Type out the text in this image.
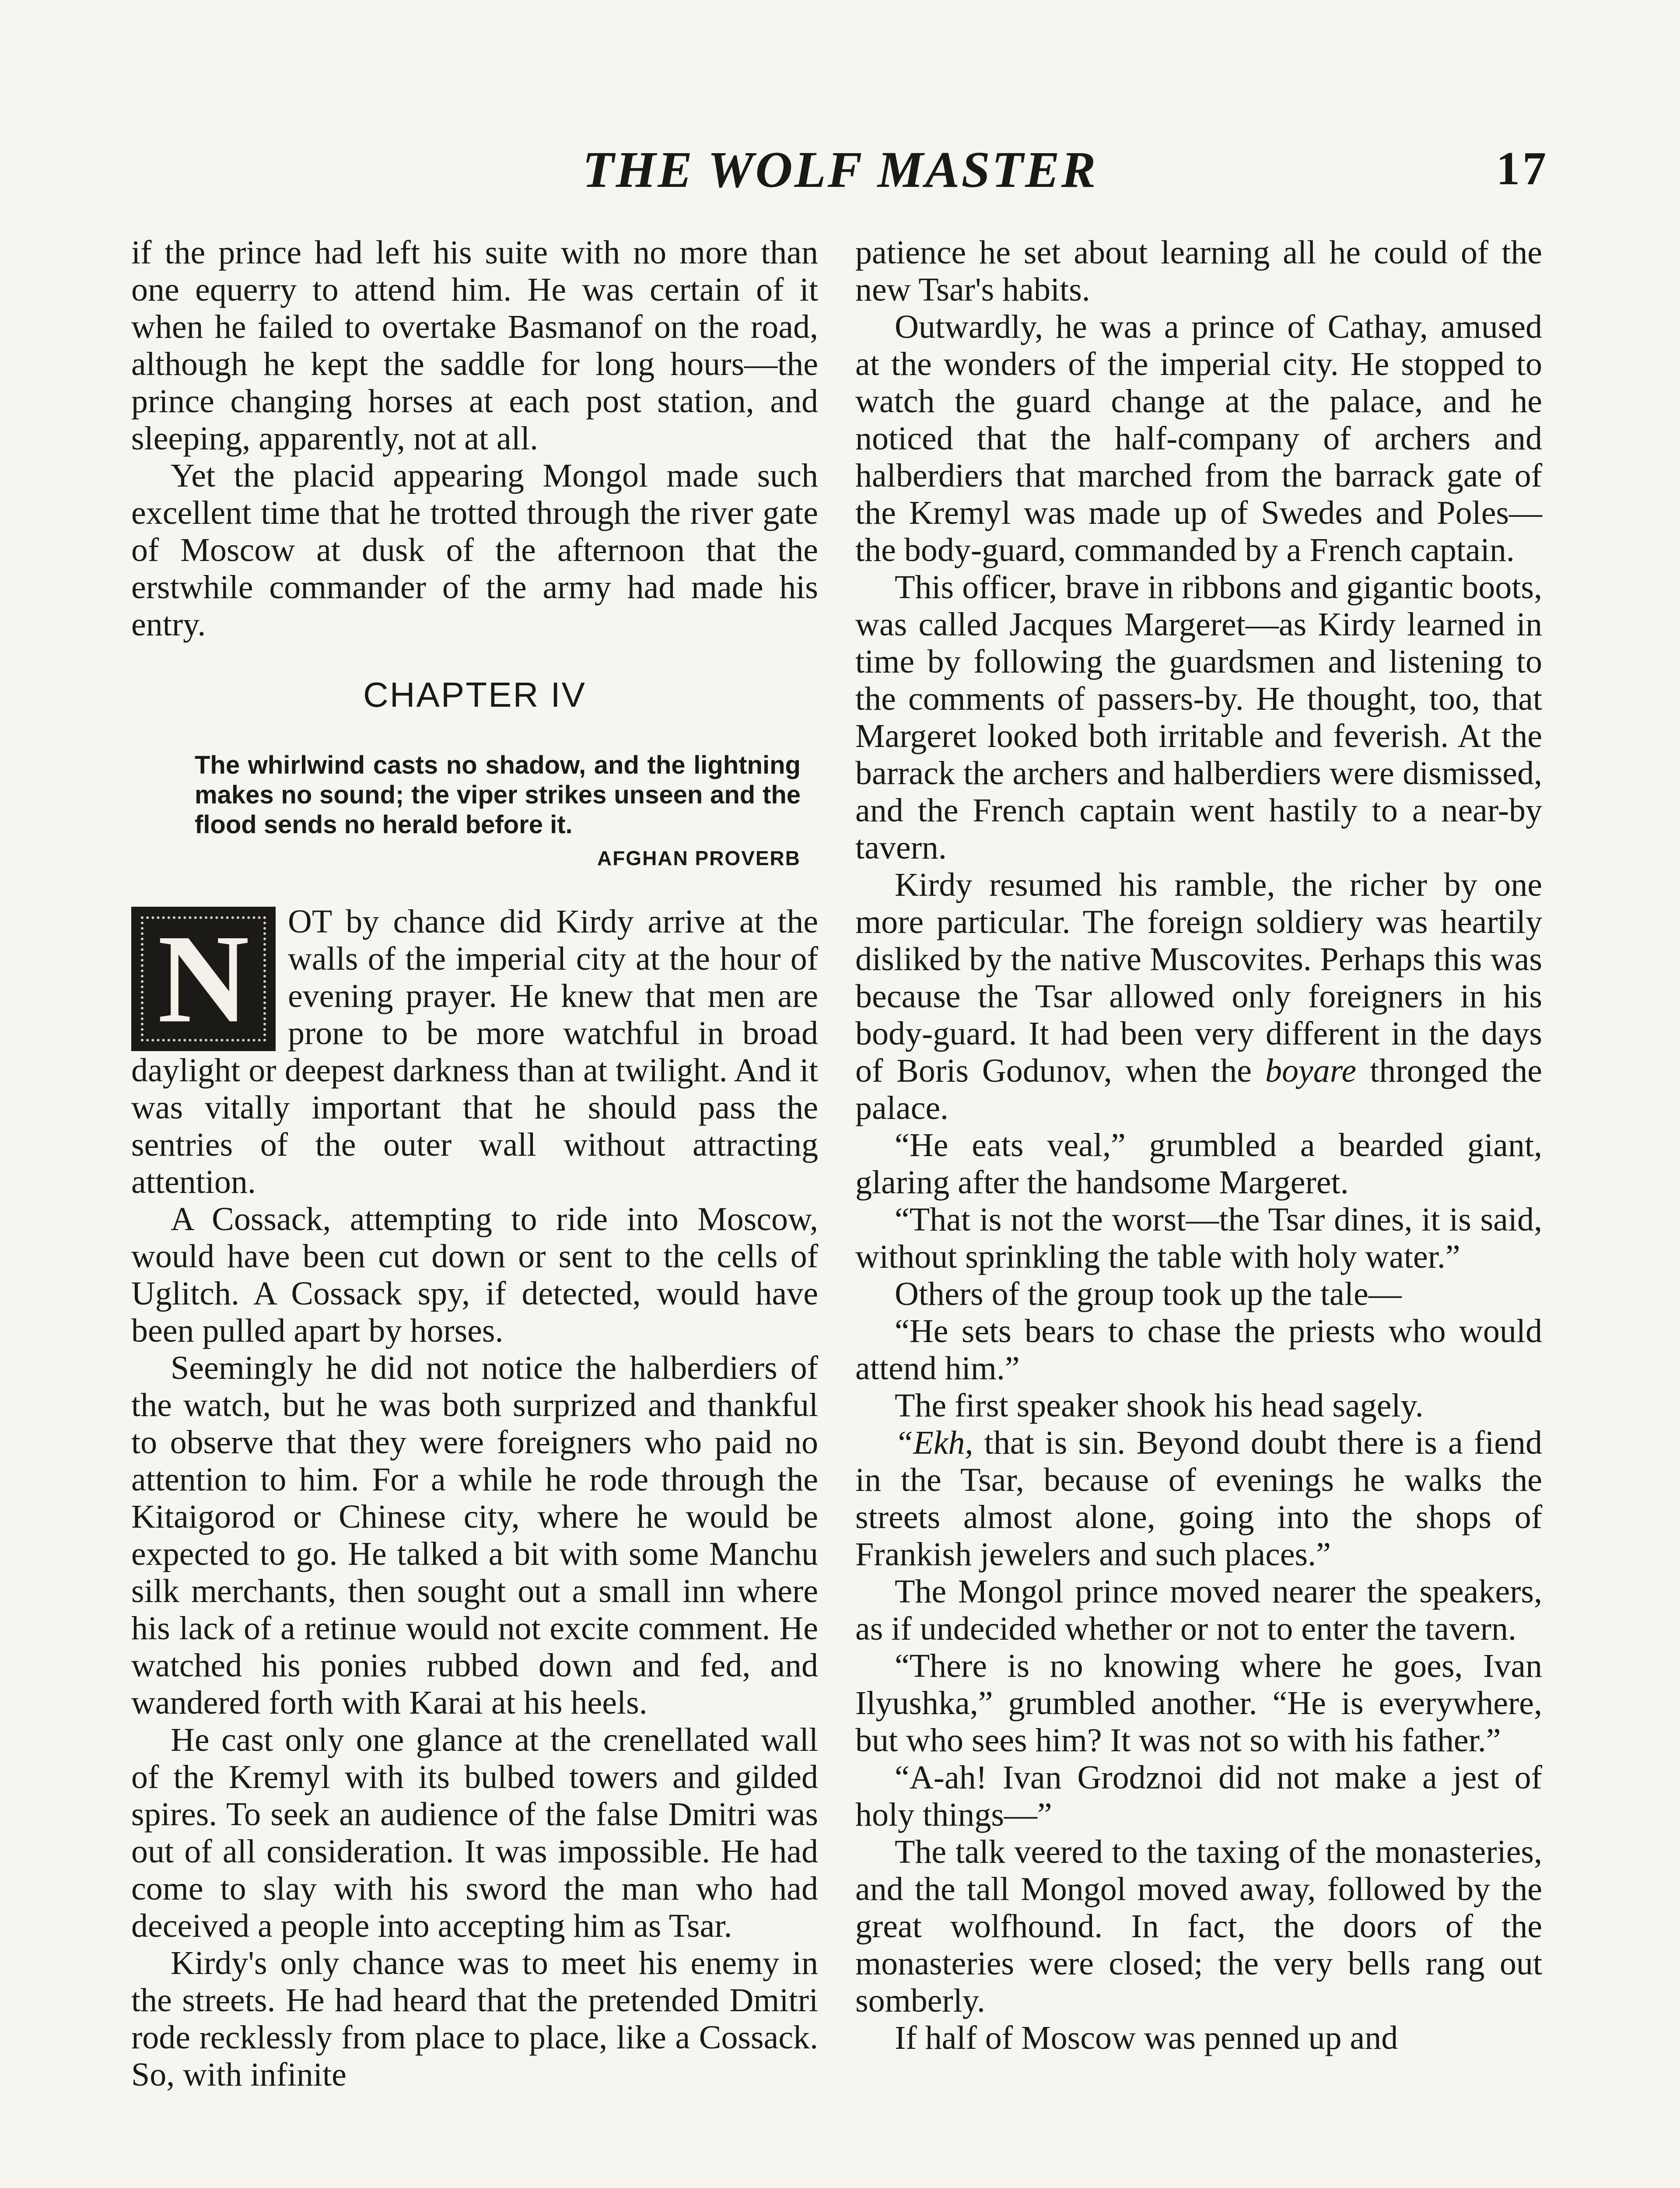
THE WOLF MASTER	17

if the prince had left his suite with no more than one equerry to attend him. He was certain of it when he failed to overtake Basmanof on the road, although he kept the saddle for long hours—the prince changing horses at each post station, and sleeping, apparently, not at all.

Yet the placid appearing Mongol made such excellent time that he trotted through the river gate of Moscow at dusk of the afternoon that the erstwhile commander of the army had made his entry.

CHAPTER IV
The whirlwind casts no shadow, and the lightning makes no sound; the viper strikes unseen and the flood sends no herald before it.
AFGHAN PROVERB

N OT by chance did Kirdy arrive at the walls of the imperial city at the hour of evening prayer. He knew that men are prone to be more watchful in broad daylight or deepest darkness than at twilight. And it was vitally important that he should pass the sentries of the outer wall without attracting attention.

A Cossack, attempting to ride into Moscow, would have been cut down or sent to the cells of Uglitch. A Cossack spy, if detected, would have been pulled apart by horses.

Seemingly he did not notice the halberdiers of the watch, but he was both surprized and thankful to observe that they were foreigners who paid no attention to him. For a while he rode through the Kitaigorod or Chinese city, where he would be expected to go. He talked a bit with some Manchu silk merchants, then sought out a small inn where his lack of a retinue would not excite comment. He watched his ponies rubbed down and fed, and wandered forth with Karai at his heels.

He cast only one glance at the crenellated wall of the Kremyl with its bulbed towers and gilded spires. To seek an audience of the false Dmitri was out of all consideration. It was impossible. He had come to slay with his sword the man who had deceived a people into accepting him as Tsar.

Kirdy's only chance was to meet his enemy in the streets. He had heard that the pretended Dmitri rode recklessly from place to place, like a Cossack. So, with infinite

patience he set about learning all he could of the new Tsar's habits.

Outwardly, he was a prince of Cathay, amused at the wonders of the imperial city. He stopped to watch the guard change at the palace, and he noticed that the half-company of archers and halberdiers that marched from the barrack gate of the Kremyl was made up of Swedes and Poles—the body-guard, commanded by a French captain.

This officer, brave in ribbons and gigantic boots, was called Jacques Margeret—as Kirdy learned in time by following the guardsmen and listening to the comments of passers-by. He thought, too, that Margeret looked both irritable and feverish. At the barrack the archers and halberdiers were dismissed, and the French captain went hastily to a near-by tavern.

Kirdy resumed his ramble, the richer by one more particular. The foreign soldiery was heartily disliked by the native Muscovites. Perhaps this was because the Tsar allowed only foreigners in his body-guard. It had been very different in the days of Boris Godunov, when the boyare thronged the palace.

“He eats veal,” grumbled a bearded giant, glaring after the handsome Margeret.

“That is not the worst—the Tsar dines, it is said, without sprinkling the table with holy water.”

Others of the group took up the tale—

“He sets bears to chase the priests who would attend him.”

The first speaker shook his head sagely.

“Ekh, that is sin. Beyond doubt there is a fiend in the Tsar, because of evenings he walks the streets almost alone, going into the shops of Frankish jewelers and such places.”

The Mongol prince moved nearer the speakers, as if undecided whether or not to enter the tavern.

“There is no knowing where he goes, Ivan Ilyushka,” grumbled another. “He is everywhere, but who sees him? It was not so with his father.”

“A-ah! Ivan Grodznoi did not make a jest of holy things—”

The talk veered to the taxing of the monasteries, and the tall Mongol moved away, followed by the great wolfhound. In fact, the doors of the monasteries were closed; the very bells rang out somberly.

If half of Moscow was penned up and
